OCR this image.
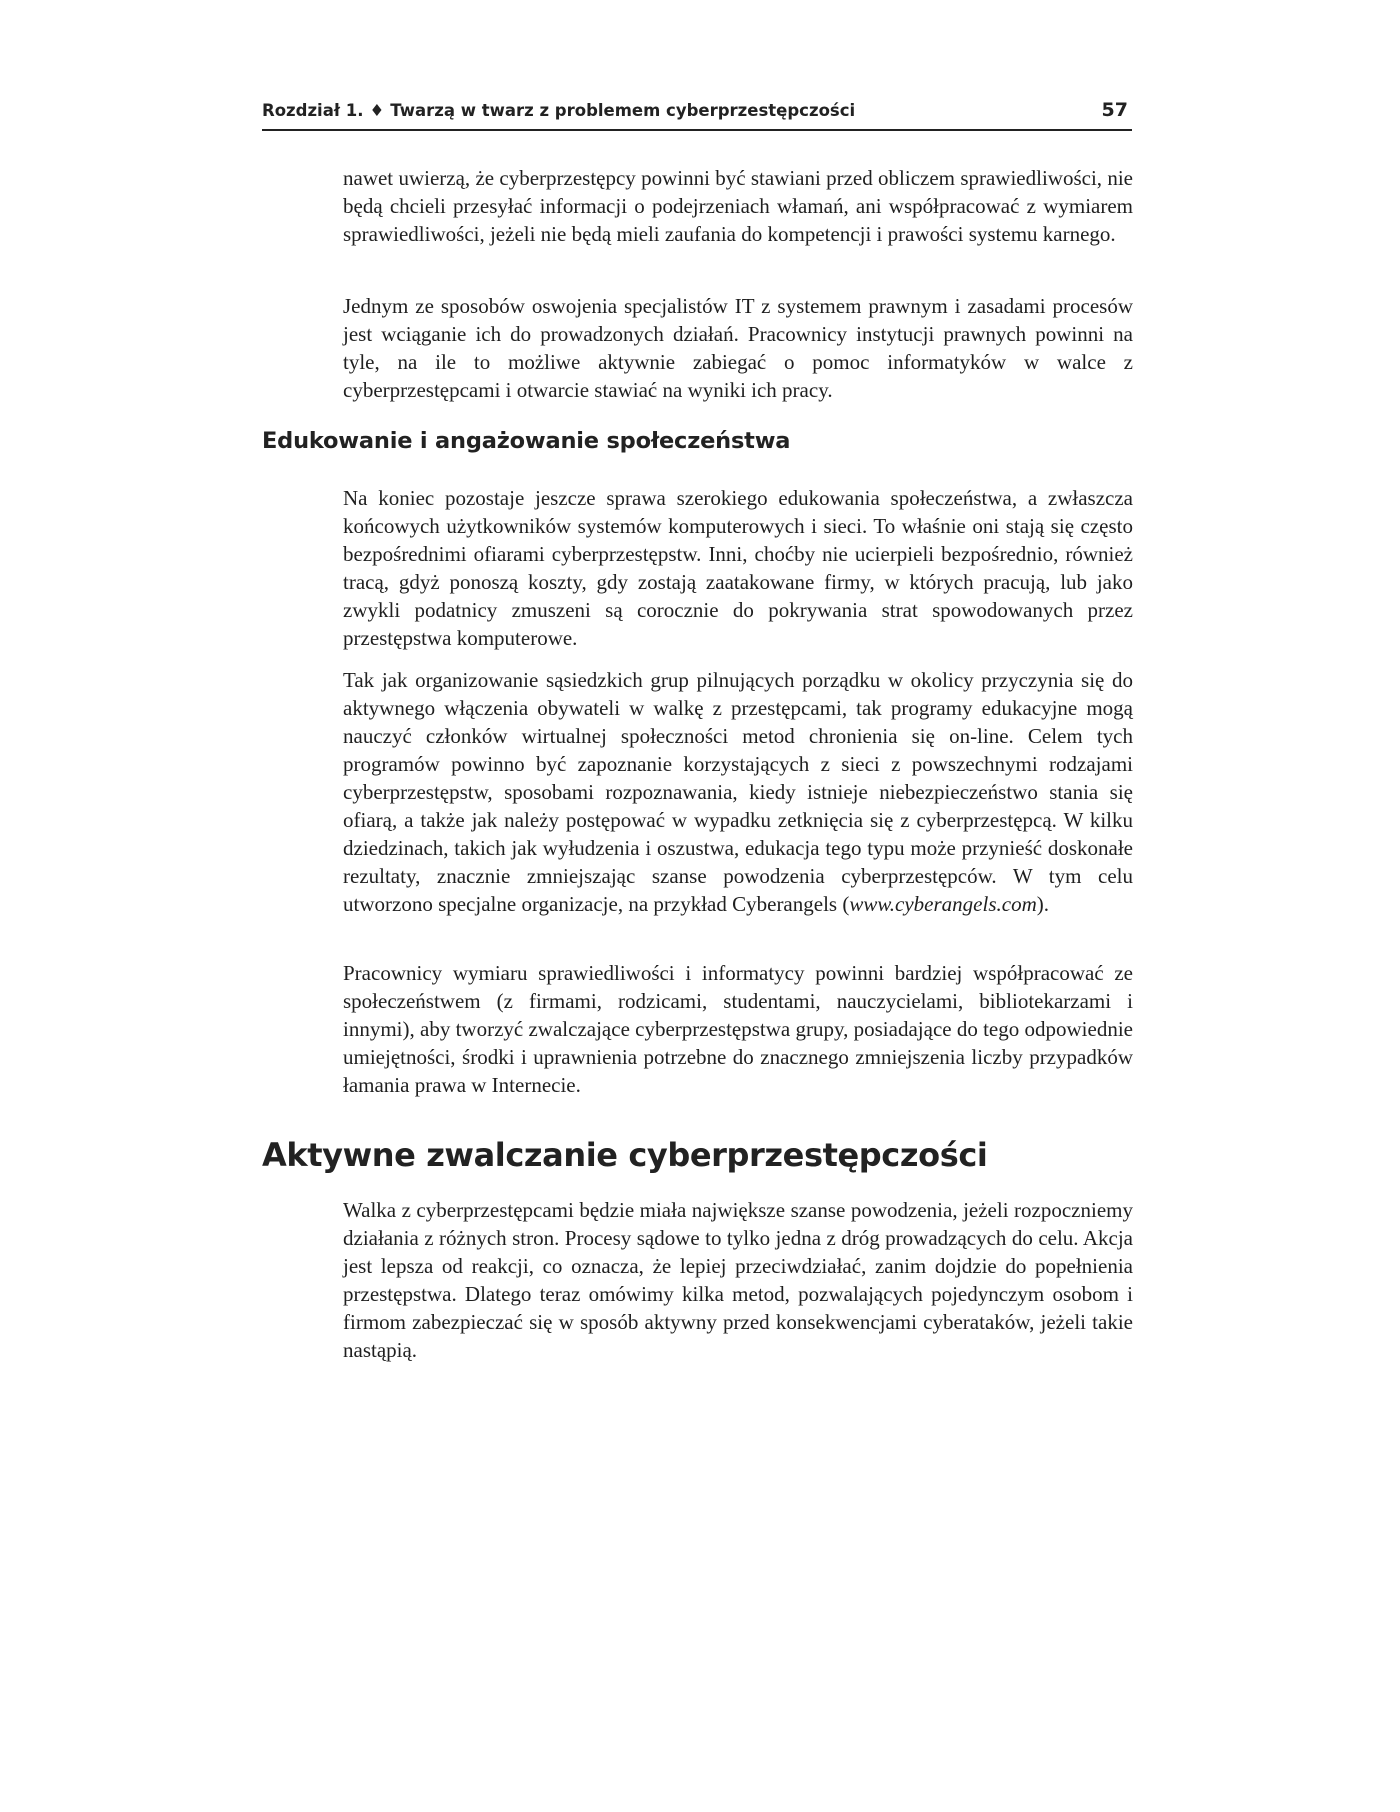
Rozdział 1. ♦ Twarzą w twarz z problemem cyberprzestępczości	57

nawet uwierzą, że cyberprzestępcy powinni być stawiani przed obliczem sprawiedliwości, nie będą chcieli przesyłać informacji o podejrzeniach włamań, ani współpracować z wymiarem sprawiedliwości, jeżeli nie będą mieli zaufania do kompetencji i prawości systemu karnego.

Jednym ze sposobów oswojenia specjalistów IT z systemem prawnym i zasadami procesów jest wciąganie ich do prowadzonych działań. Pracownicy instytucji prawnych powinni na tyle, na ile to możliwe aktywnie zabiegać o pomoc informatyków w walce z cyberprzestępcami i otwarcie stawiać na wyniki ich pracy.

Edukowanie i angażowanie społeczeństwa

Na koniec pozostaje jeszcze sprawa szerokiego edukowania społeczeństwa, a zwłaszcza końcowych użytkowników systemów komputerowych i sieci. To właśnie oni stają się często bezpośrednimi ofiarami cyberprzestępstw. Inni, choćby nie ucierpieli bezpośrednio, również tracą, gdyż ponoszą koszty, gdy zostają zaatakowane firmy, w których pracują, lub jako zwykli podatnicy zmuszeni są corocznie do pokrywania strat spowodowanych przez przestępstwa komputerowe.

Tak jak organizowanie sąsiedzkich grup pilnujących porządku w okolicy przyczynia się do aktywnego włączenia obywateli w walkę z przestępcami, tak programy edukacyjne mogą nauczyć członków wirtualnej społeczności metod chronienia się on-line. Celem tych programów powinno być zapoznanie korzystających z sieci z powszechnymi rodzajami cyberprzestępstw, sposobami rozpoznawania, kiedy istnieje niebezpieczeństwo stania się ofiarą, a także jak należy postępować w wypadku zetknięcia się z cyberprzestępcą. W kilku dziedzinach, takich jak wyłudzenia i oszustwa, edukacja tego typu może przynieść doskonałe rezultaty, znacznie zmniejszając szanse powodzenia cyberprzestępców. W tym celu utworzono specjalne organizacje, na przykład Cyberangels (www.cyberangels.com).

Pracownicy wymiaru sprawiedliwości i informatycy powinni bardziej współpracować ze społeczeństwem (z firmami, rodzicami, studentami, nauczycielami, bibliotekarzami i innymi), aby tworzyć zwalczające cyberprzestępstwa grupy, posiadające do tego odpowiednie umiejętności, środki i uprawnienia potrzebne do znacznego zmniejszenia liczby przypadków łamania prawa w Internecie.

Aktywne zwalczanie cyberprzestępczości

Walka z cyberprzestępcami będzie miała największe szanse powodzenia, jeżeli rozpoczniemy działania z różnych stron. Procesy sądowe to tylko jedna z dróg prowadzących do celu. Akcja jest lepsza od reakcji, co oznacza, że lepiej przeciwdziałać, zanim dojdzie do popełnienia przestępstwa. Dlatego teraz omówimy kilka metod, pozwalających pojedynczym osobom i firmom zabezpieczać się w sposób aktywny przed konsekwencjami cyberataków, jeżeli takie nastąpią.
